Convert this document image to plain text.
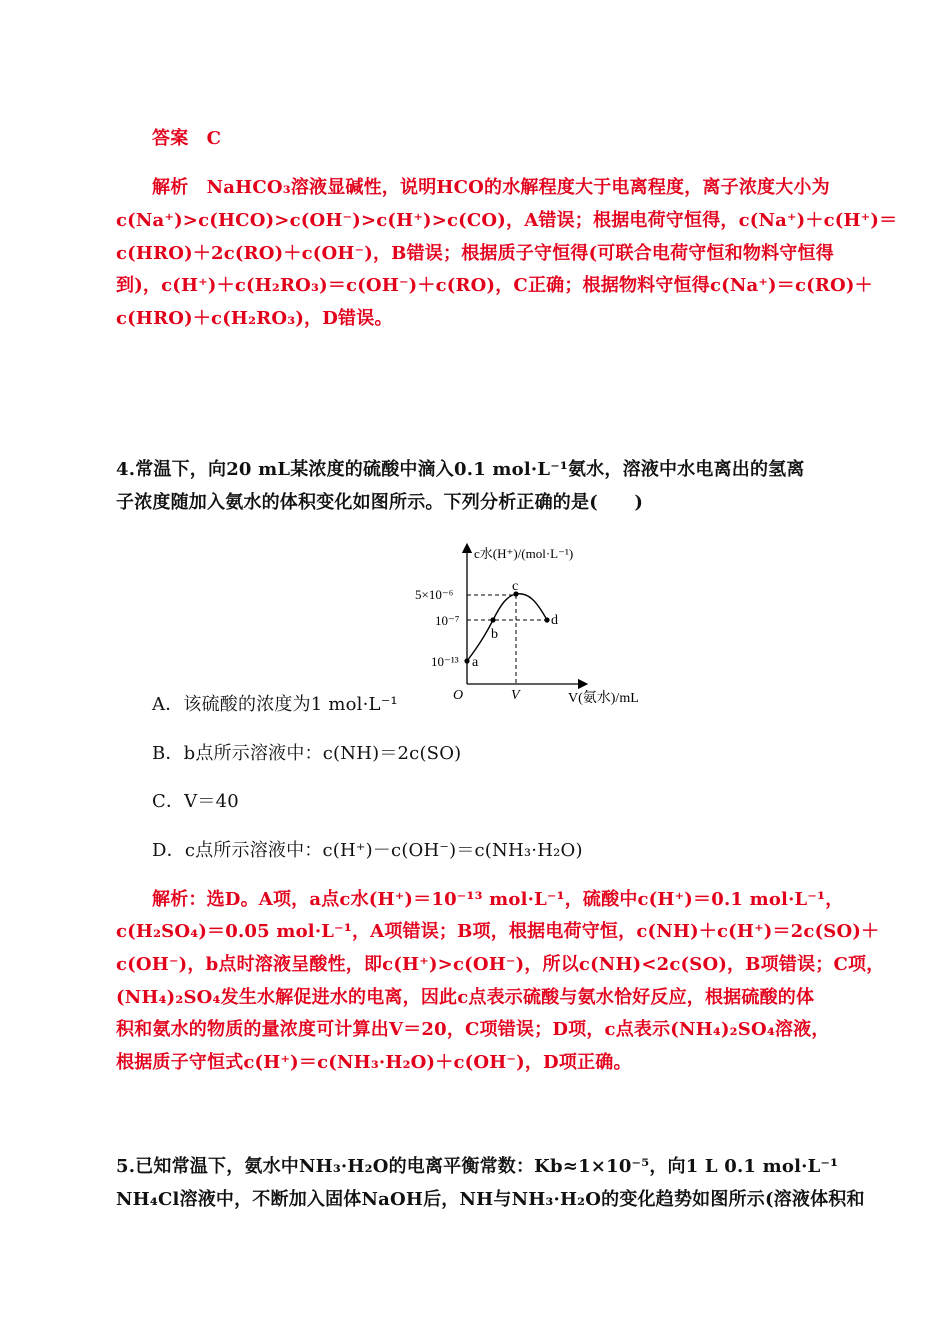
答案　C
解析　NaHCO₃溶液显碱性，说明HCO的水解程度大于电离程度，离子浓度大小为
c(Na⁺)>c(HCO)>c(OH⁻)>c(H⁺)>c(CO)，A错误；根据电荷守恒得，c(Na⁺)＋c(H⁺)＝
c(HRO)＋2c(RO)＋c(OH⁻)，B错误；根据质子守恒得(可联合电荷守恒和物料守恒得
到)，c(H⁺)＋c(H₂RO₃)＝c(OH⁻)＋c(RO)，C正确；根据物料守恒得c(Na⁺)＝c(RO)＋
c(HRO)＋c(H₂RO₃)，D错误。
4.常温下，向20 mL某浓度的硫酸中滴入0.1 mol·L⁻¹氨水，溶液中水电离出的氢离
子浓度随加入氨水的体积变化如图所示。下列分析正确的是(　　)
a
b
c
d
10⁻¹³
10⁻⁷
5×10⁻⁶
O	V	V(氨水)/mL
c水(H⁺)/(mol·L⁻¹)
A．该硫酸的浓度为1 mol·L⁻¹
B．b点所示溶液中：c(NH)＝2c(SO)
C．V＝40
D．c点所示溶液中：c(H⁺)－c(OH⁻)＝c(NH₃·H₂O)
解析：选D。A项，a点c水(H⁺)＝10⁻¹³ mol·L⁻¹，硫酸中c(H⁺)＝0.1 mol·L⁻¹，
c(H₂SO₄)＝0.05 mol·L⁻¹，A项错误；B项，根据电荷守恒，c(NH)＋c(H⁺)＝2c(SO)＋
c(OH⁻)，b点时溶液呈酸性，即c(H⁺)>c(OH⁻)，所以c(NH)<2c(SO)，B项错误；C项，
(NH₄)₂SO₄发生水解促进水的电离，因此c点表示硫酸与氨水恰好反应，根据硫酸的体
积和氨水的物质的量浓度可计算出V＝20，C项错误；D项，c点表示(NH₄)₂SO₄溶液，
根据质子守恒式c(H⁺)＝c(NH₃·H₂O)＋c(OH⁻)，D项正确。
5.已知常温下，氨水中NH₃·H₂O的电离平衡常数：Kb≈1×10⁻⁵，向1 L 0.1 mol·L⁻¹
NH₄Cl溶液中，不断加入固体NaOH后，NH与NH₃·H₂O的变化趋势如图所示(溶液体积和
